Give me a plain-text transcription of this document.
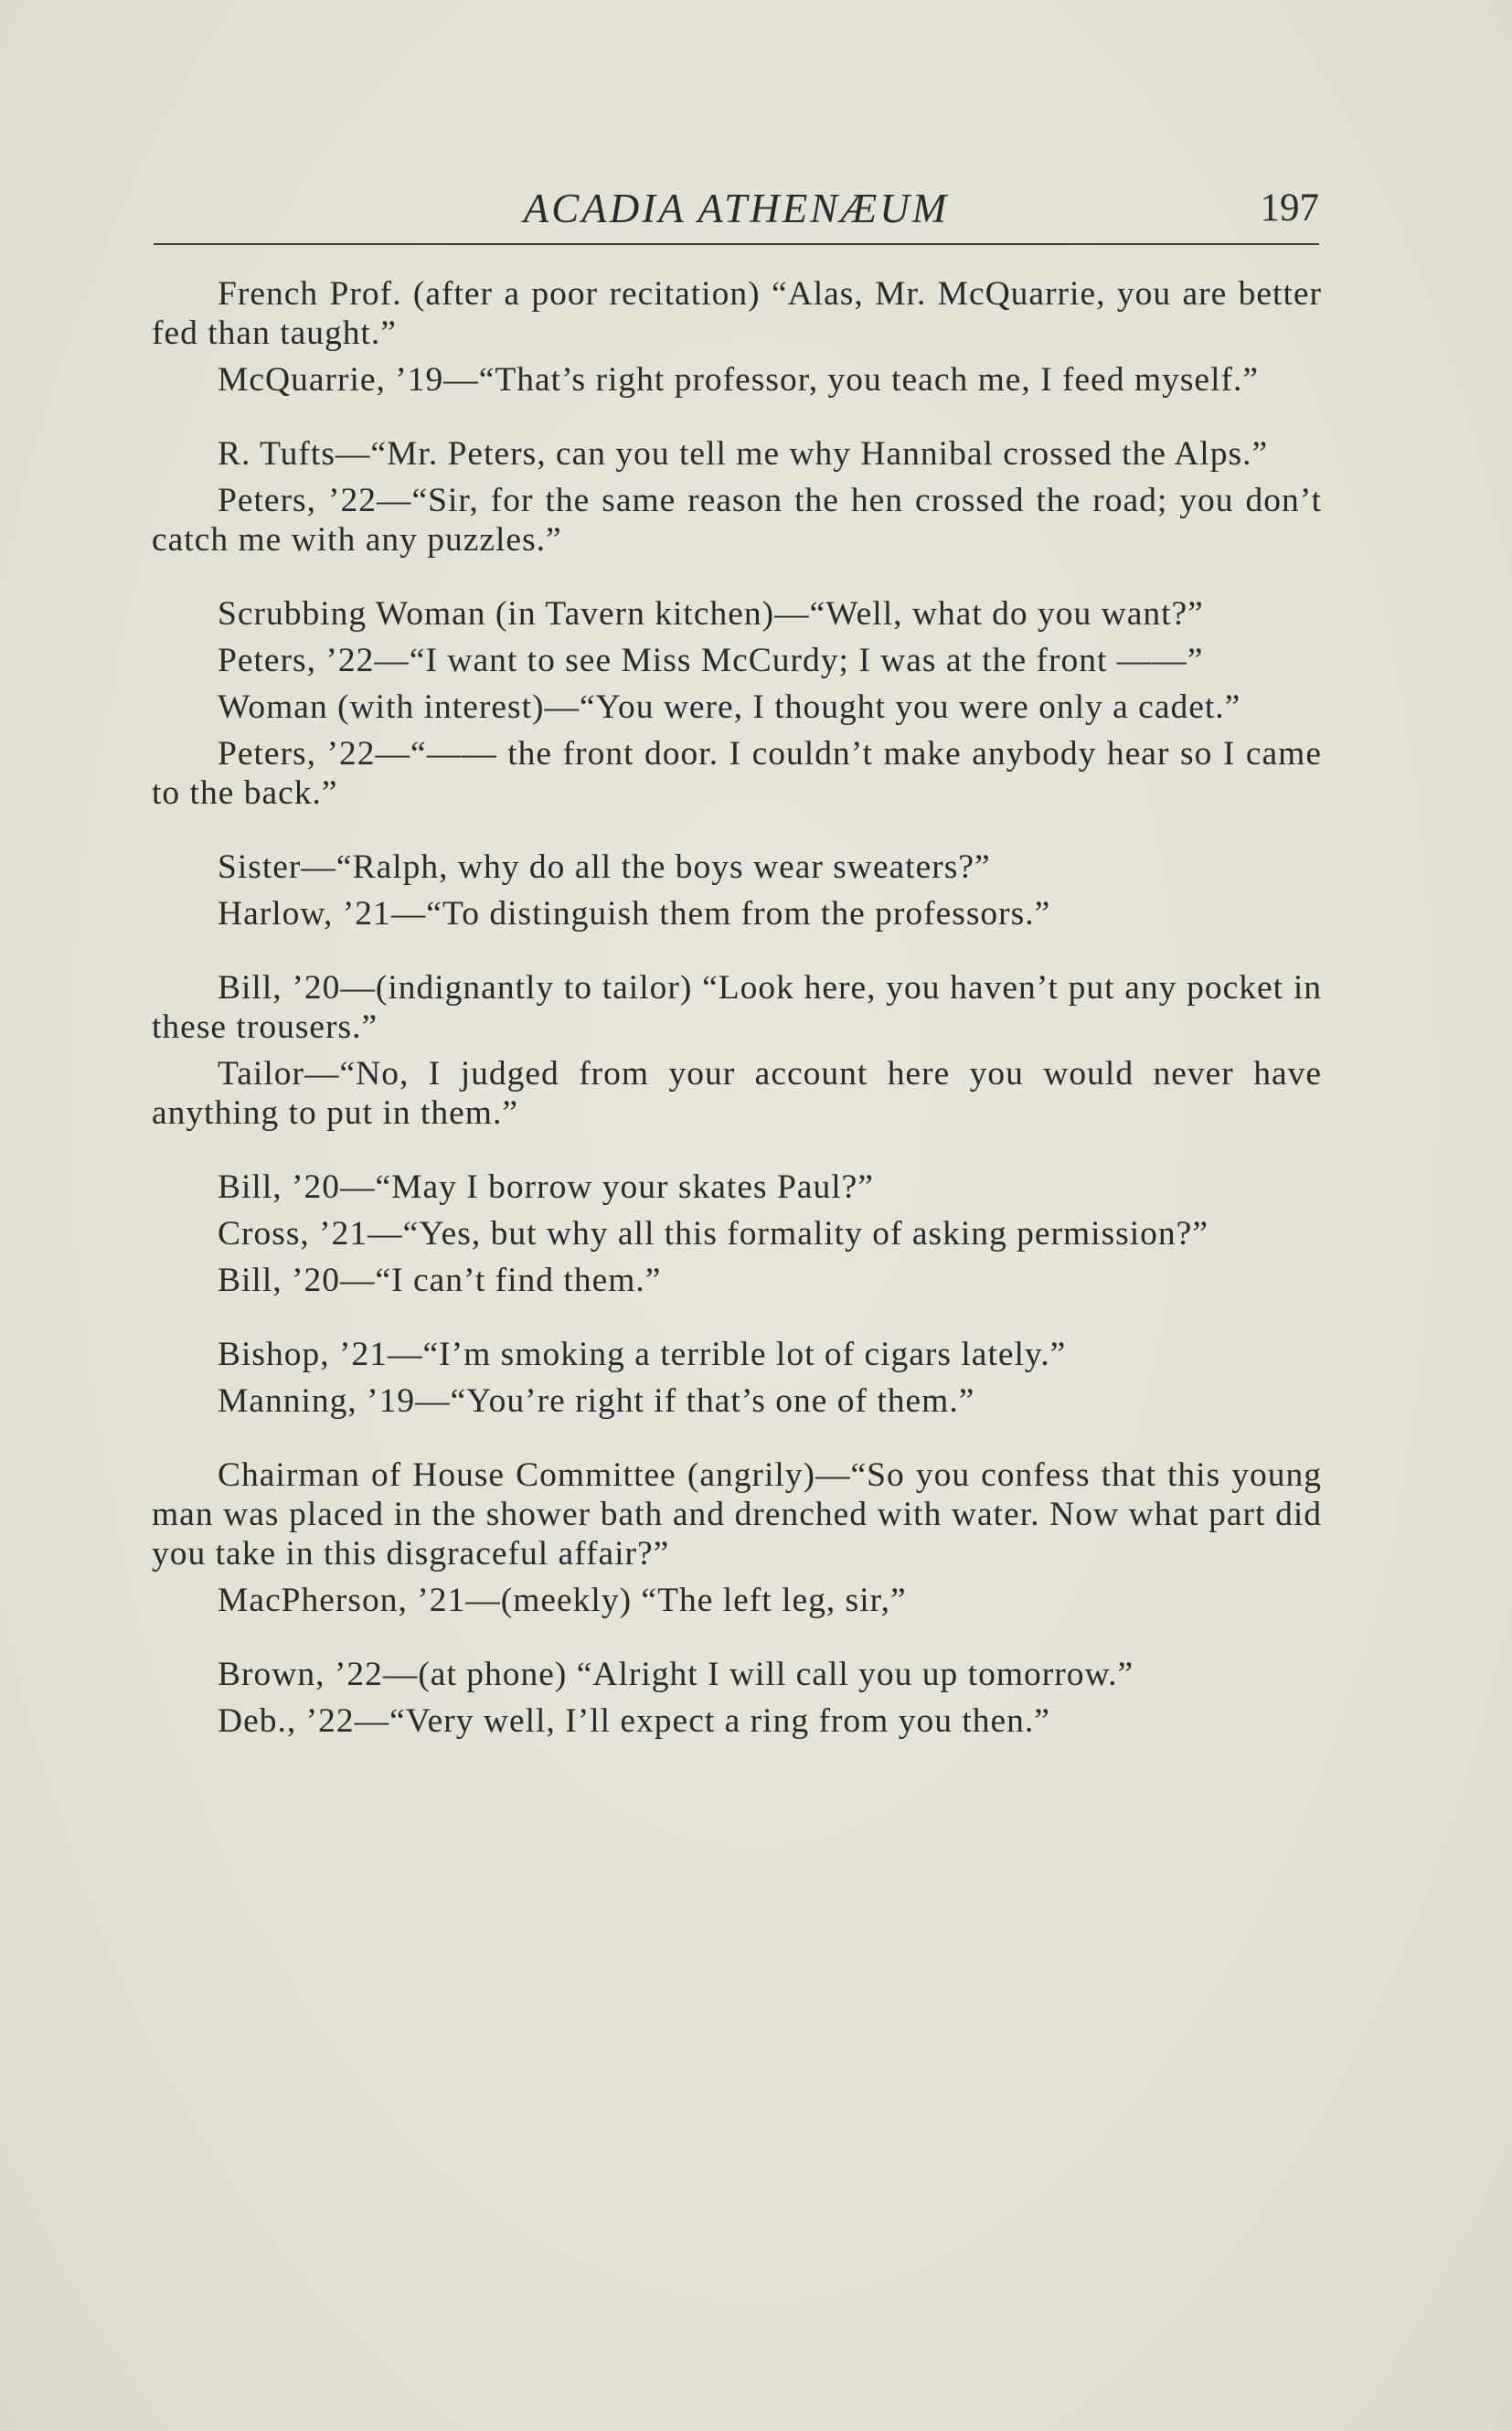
ACADIA ATHENÆUM	197

French Prof. (after a poor recitation) “Alas, Mr. McQuarrie, you are better fed than taught.”

McQuarrie, ’19—“That’s right professor, you teach me, I feed myself.”

R. Tufts—“Mr. Peters, can you tell me why Hannibal crossed the Alps.”

Peters, ’22—“Sir, for the same reason the hen crossed the road; you don’t catch me with any puzzles.”

Scrubbing Woman (in Tavern kitchen)—“Well, what do you want?”

Peters, ’22—“I want to see Miss McCurdy; I was at the front ——”

Woman (with interest)—“You were, I thought you were only a cadet.”

Peters, ’22—“—— the front door. I couldn’t make anybody hear so I came to the back.”

Sister—“Ralph, why do all the boys wear sweaters?”

Harlow, ’21—“To distinguish them from the professors.”

Bill, ’20—(indignantly to tailor) “Look here, you haven’t put any pocket in these trousers.”

Tailor—“No, I judged from your account here you would never have anything to put in them.”

Bill, ’20—“May I borrow your skates Paul?”

Cross, ’21—“Yes, but why all this formality of asking permission?”

Bill, ’20—“I can’t find them.”

Bishop, ’21—“I’m smoking a terrible lot of cigars lately.”

Manning, ’19—“You’re right if that’s one of them.”

Chairman of House Committee (angrily)—“So you confess that this young man was placed in the shower bath and drenched with water. Now what part did you take in this disgraceful affair?”

MacPherson, ’21—(meekly) “The left leg, sir,”

Brown, ’22—(at phone) “Alright I will call you up tomorrow.”

Deb., ’22—“Very well, I’ll expect a ring from you then.”
